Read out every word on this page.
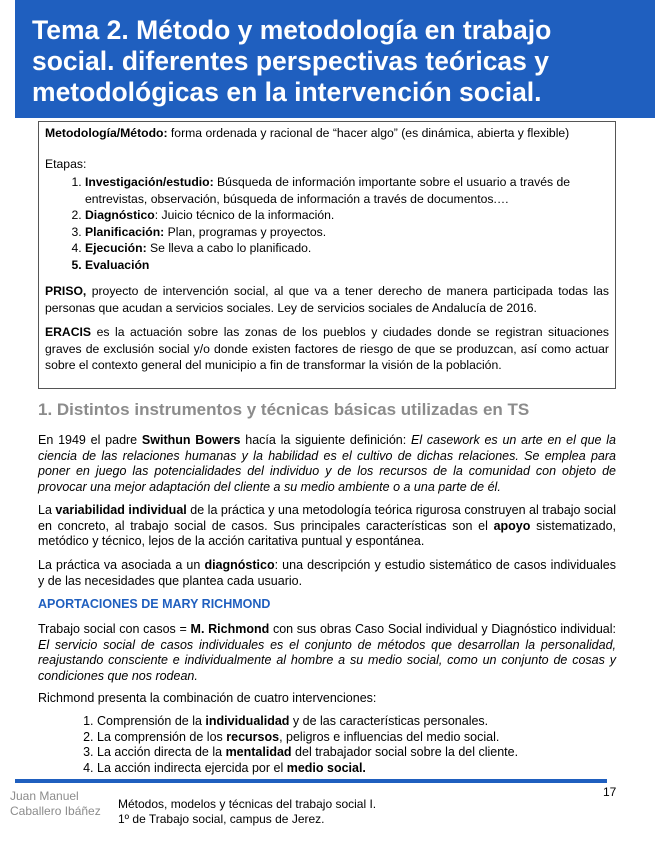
Tema 2. Método y metodología en trabajo social. diferentes perspectivas teóricas y metodológicas en la intervención social.

Metodología/Método: forma ordenada y racional de “hacer algo” (es dinámica, abierta y flexible)

Etapas:

1. Investigación/estudio: Búsqueda de información importante sobre el usuario a través de entrevistas, observación, búsqueda de información a través de documentos.…
2. Diagnóstico: Juicio técnico de la información.
3. Planificación: Plan, programas y proyectos.
4. Ejecución: Se lleva a cabo lo planificado.
5. Evaluación

PRISO, proyecto de intervención social, al que va a tener derecho de manera participada todas las personas que acudan a servicios sociales. Ley de servicios sociales de Andalucía de 2016.

ERACIS es la actuación sobre las zonas de los pueblos y ciudades donde se registran situaciones graves de exclusión social y/o donde existen factores de riesgo de que se produzcan, así como actuar sobre el contexto general del municipio a fin de transformar la visión de la población.

1. Distintos instrumentos y técnicas básicas utilizadas en TS
En 1949 el padre Swithun Bowers hacía la siguiente definición: El casework es un arte en el que la ciencia de las relaciones humanas y la habilidad es el cultivo de dichas relaciones. Se emplea para poner en juego las potencialidades del individuo y de los recursos de la comunidad con objeto de provocar una mejor adaptación del cliente a su medio ambiente o a una parte de él.
La variabilidad individual de la práctica y una metodología teórica rigurosa construyen al trabajo social en concreto, al trabajo social de casos. Sus principales características son el apoyo sistematizado, metódico y técnico, lejos de la acción caritativa puntual y espontánea.
La práctica va asociada a un diagnóstico: una descripción y estudio sistemático de casos individuales y de las necesidades que plantea cada usuario.
APORTACIONES DE MARY RICHMOND
Trabajo social con casos = M. Richmond con sus obras Caso Social individual y Diagnóstico individual: El servicio social de casos individuales es el conjunto de métodos que desarrollan la personalidad, reajustando consciente e individualmente al hombre a su medio social, como un conjunto de cosas y condiciones que nos rodean.
Richmond presenta la combinación de cuatro intervenciones:
1. Comprensión de la individualidad y de las características personales.
2. La comprensión de los recursos, peligros e influencias del medio social.
3. La acción directa de la mentalidad del trabajador social sobre la del cliente.
4. La acción indirecta ejercida por el medio social.
17
Juan Manuel Caballero Ibáñez	Métodos, modelos y técnicas del trabajo social I.
1º de Trabajo social, campus de Jerez.
